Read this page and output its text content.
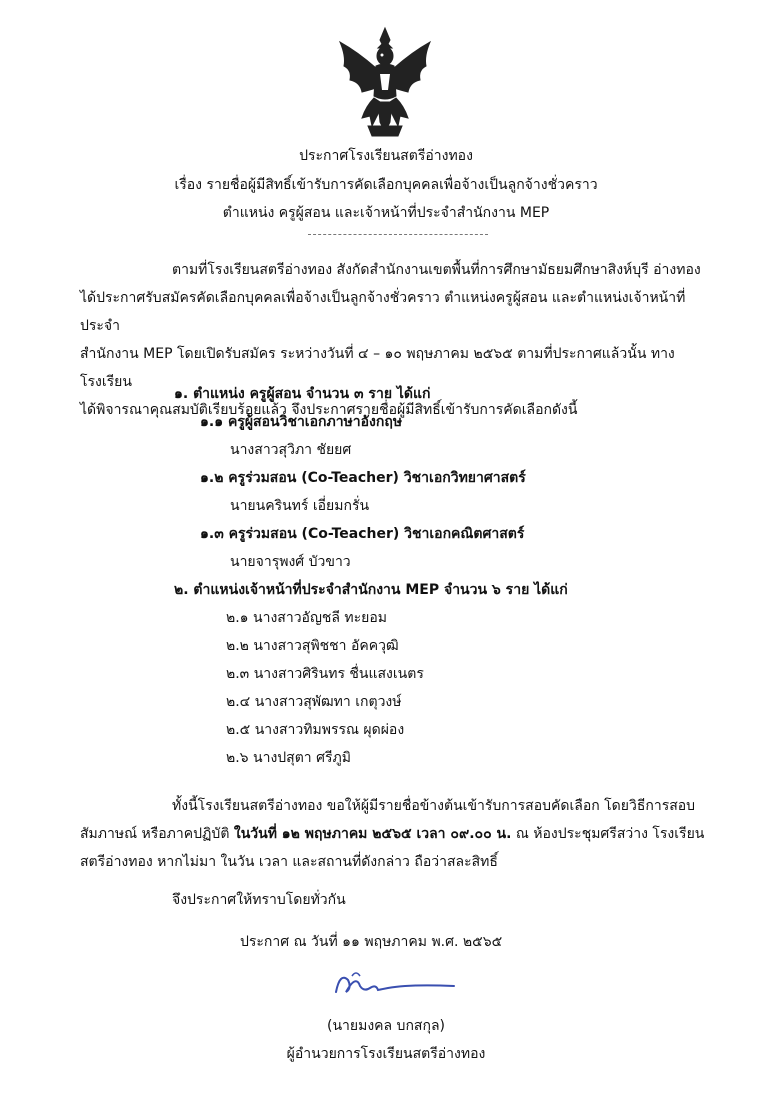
ประกาศโรงเรียนสตรีอ่างทอง
เรื่อง รายชื่อผู้มีสิทธิ์เข้ารับการคัดเลือกบุคคลเพื่อจ้างเป็นลูกจ้างชั่วคราว
ตำแหน่ง ครูผู้สอน และเจ้าหน้าที่ประจำสำนักงาน MEP

ตามที่โรงเรียนสตรีอ่างทอง สังกัดสำนักงานเขตพื้นที่การศึกษามัธยมศึกษาสิงห์บุรี อ่างทอง

ได้ประกาศรับสมัครคัดเลือกบุคคลเพื่อจ้างเป็นลูกจ้างชั่วคราว ตำแหน่งครูผู้สอน และตำแหน่งเจ้าหน้าที่ประจำ

สำนักงาน MEP โดยเปิดรับสมัคร ระหว่างวันที่ ๔ – ๑๐ พฤษภาคม ๒๕๖๕ ตามที่ประกาศแล้วนั้น ทางโรงเรียน

ได้พิจารณาคุณสมบัติเรียบร้อยแล้ว จึงประกาศรายชื่อผู้มีสิทธิ์เข้ารับการคัดเลือกดังนี้

๑. ตำแหน่ง ครูผู้สอน จำนวน ๓ ราย ได้แก่
๑.๑ ครูผู้สอนวิชาเอกภาษาอังกฤษ
นางสาวสุวิภา ชัยยศ
๑.๒ ครูร่วมสอน (Co-Teacher) วิชาเอกวิทยาศาสตร์
นายนครินทร์ เอี่ยมกรั่น
๑.๓ ครูร่วมสอน (Co-Teacher) วิชาเอกคณิตศาสตร์
นายจารุพงศ์ บัวขาว
๒. ตำแหน่งเจ้าหน้าที่ประจำสำนักงาน MEP จำนวน ๖ ราย ได้แก่
๒.๑ นางสาวอัญชลี ทะยอม
๒.๒ นางสาวสุพิชชา อัคควุฒิ
๒.๓ นางสาวศิรินทร ชื่นแสงเนตร
๒.๔ นางสาวสุพัฒทา เกตุวงษ์
๒.๕ นางสาวทิมพรรณ ผุดผ่อง
๒.๖ นางปสุตา ศรีภูมิ

ทั้งนี้โรงเรียนสตรีอ่างทอง ขอให้ผู้มีรายชื่อข้างต้นเข้ารับการสอบคัดเลือก โดยวิธีการสอบ

สัมภาษณ์ หรือภาคปฏิบัติ ในวันที่ ๑๒ พฤษภาคม ๒๕๖๕ เวลา ๐๙.๐๐ น. ณ ห้องประชุมศรีสว่าง โรงเรียน

สตรีอ่างทอง หากไม่มา ในวัน เวลา และสถานที่ดังกล่าว ถือว่าสละสิทธิ์

จึงประกาศให้ทราบโดยทั่วกัน
ประกาศ ณ วันที่ ๑๑ พฤษภาคม พ.ศ. ๒๕๖๕
(นายมงคล บกสกุล)
ผู้อำนวยการโรงเรียนสตรีอ่างทอง
